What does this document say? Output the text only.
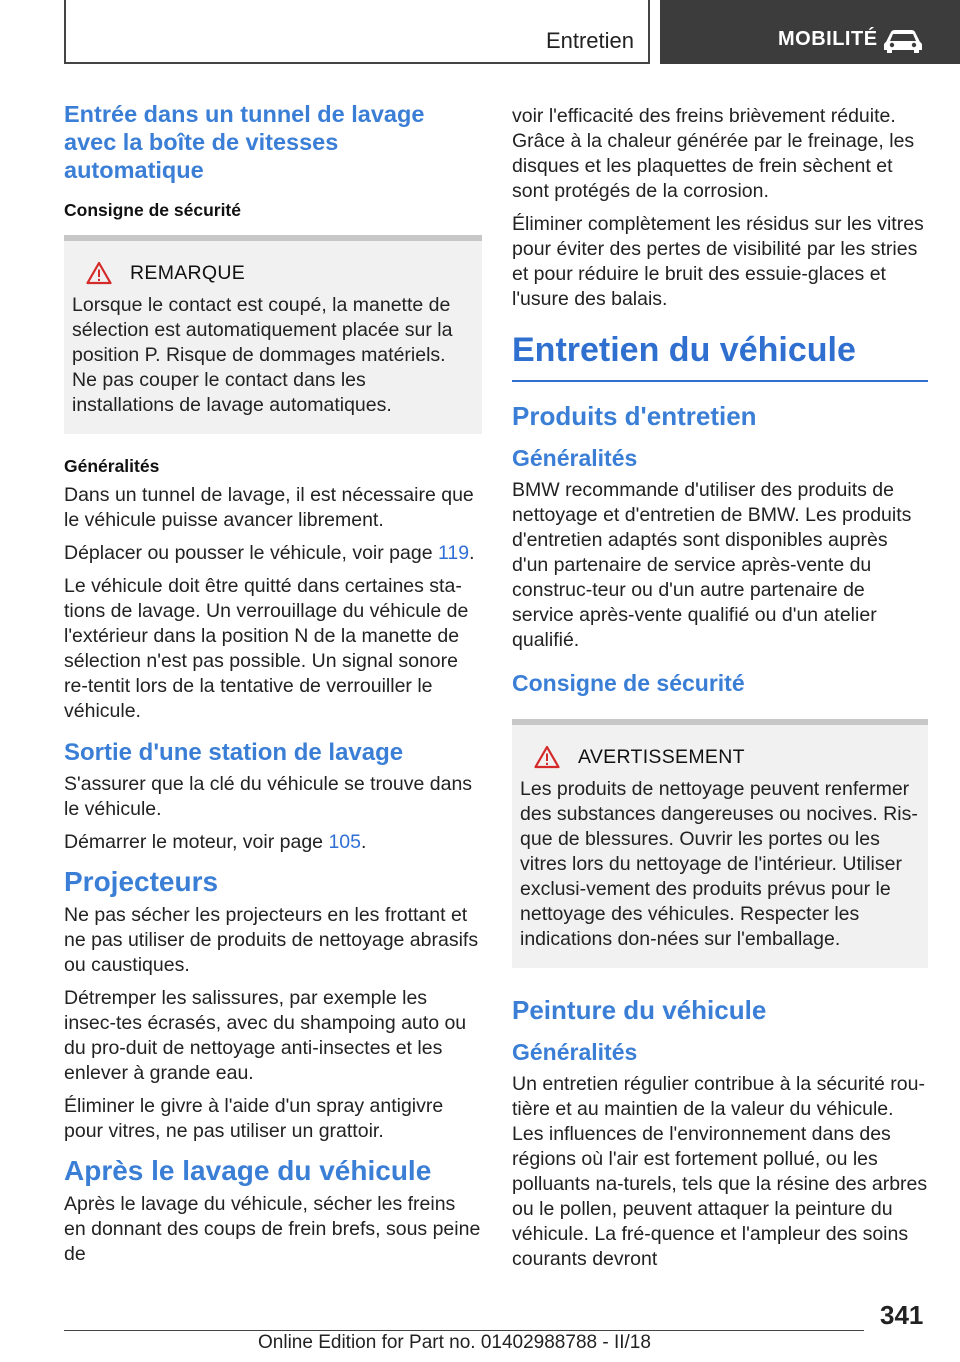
Entretien	MOBILITÉ
Entrée dans un tunnel de lavage avec la boîte de vitesses automatique
Consigne de sécurité
REMARQUE

Lorsque le contact est coupé, la manette de sélection est automatiquement placée sur la position P. Risque de dommages matériels. Ne pas couper le contact dans les installations de lavage automatiques.

Généralités

Dans un tunnel de lavage, il est nécessaire que le véhicule puisse avancer librement.

Déplacer ou pousser le véhicule, voir page 119.

Le véhicule doit être quitté dans certaines sta-tions de lavage. Un verrouillage du véhicule de l'extérieur dans la position N de la manette de sélection n'est pas possible. Un signal sonore re-tentit lors de la tentative de verrouiller le véhicule.

Sortie d'une station de lavage

S'assurer que la clé du véhicule se trouve dans le véhicule.

Démarrer le moteur, voir page 105.

Projecteurs

Ne pas sécher les projecteurs en les frottant et ne pas utiliser de produits de nettoyage abrasifs ou caustiques.

Détremper les salissures, par exemple les insec-tes écrasés, avec du shampoing auto ou du pro-duit de nettoyage anti-insectes et les enlever à grande eau.

Éliminer le givre à l'aide d'un spray antigivre pour vitres, ne pas utiliser un grattoir.

Après le lavage du véhicule

Après le lavage du véhicule, sécher les freins en donnant des coups de frein brefs, sous peine de

voir l'efficacité des freins brièvement réduite. Grâce à la chaleur générée par le freinage, les disques et les plaquettes de frein sèchent et sont protégés de la corrosion.

Éliminer complètement les résidus sur les vitres pour éviter des pertes de visibilité par les stries et pour réduire le bruit des essuie-glaces et l'usure des balais.

Entretien du véhicule
Produits d'entretien
Généralités

BMW recommande d'utiliser des produits de nettoyage et d'entretien de BMW. Les produits d'entretien adaptés sont disponibles auprès d'un partenaire de service après-vente du construc-teur ou d'un autre partenaire de service après-vente qualifié ou d'un atelier qualifié.

Consigne de sécurité
AVERTISSEMENT

Les produits de nettoyage peuvent renfermer des substances dangereuses ou nocives. Ris-que de blessures. Ouvrir les portes ou les vitres lors du nettoyage de l'intérieur. Utiliser exclusi-vement des produits prévus pour le nettoyage des véhicules. Respecter les indications don-nées sur l'emballage.

Peinture du véhicule
Généralités

Un entretien régulier contribue à la sécurité rou-tière et au maintien de la valeur du véhicule. Les influences de l'environnement dans des régions où l'air est fortement pollué, ou les polluants na-turels, tels que la résine des arbres ou le pollen, peuvent attaquer la peinture du véhicule. La fré-quence et l'ampleur des soins courants devront

341
Online Edition for Part no. 01402988788 - II/18
